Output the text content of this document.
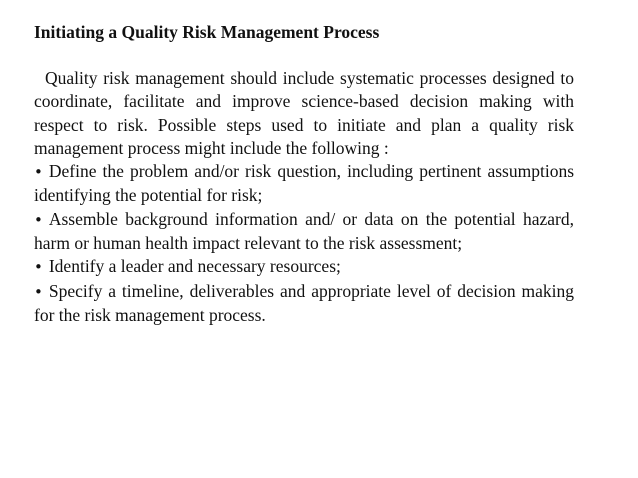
Initiating a Quality Risk Management Process

Quality risk management should include systematic processes designed to coordinate, facilitate and improve science-based decision making with respect to risk. Possible steps used to initiate and plan a quality risk management process might include the following :

• Define the problem and/or risk question, including pertinent assumptions identifying the potential for risk;

• Assemble background information and/ or data on the potential hazard, harm or human health impact relevant to the risk assessment;

• Identify a leader and necessary resources;

• Specify a timeline, deliverables and appropriate level of decision making for the risk management process.
